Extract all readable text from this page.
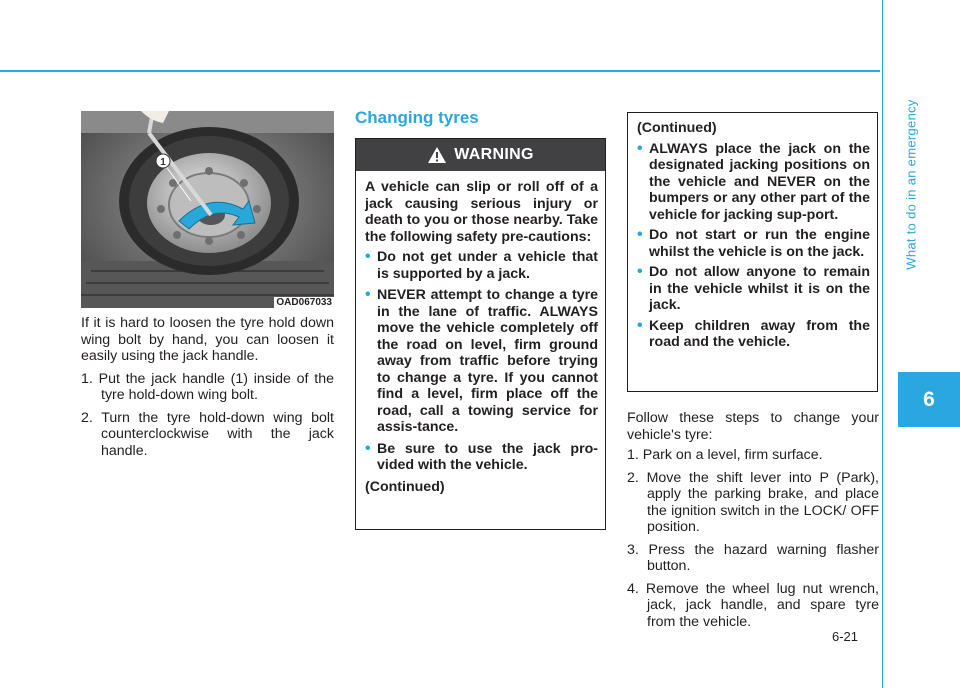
What to do in an emergency
6
1
OAD067033

If it is hard to loosen the tyre hold down wing bolt by hand, you can loosen it easily using the jack handle.

1. Put the jack handle (1) inside of the tyre hold-down wing bolt.
2. Turn the tyre hold-down wing bolt counterclockwise with the jack handle.
Changing tyres
WARNING

A vehicle can slip or roll off of a jack causing serious injury or death to you or those nearby. Take the following safety pre-cautions:

• Do not get under a vehicle that is supported by a jack.
• NEVER attempt to change a tyre in the lane of traffic. ALWAYS move the vehicle completely off the road on level, firm ground away from traffic before trying to change a tyre. If you cannot find a level, firm place off the road, call a towing service for assis-tance.
• Be sure to use the jack pro-vided with the vehicle.

(Continued)

(Continued)

• ALWAYS place the jack on the designated jacking positions on the vehicle and NEVER on the bumpers or any other part of the vehicle for jacking sup-port.
• Do not start or run the engine whilst the vehicle is on the jack.
• Do not allow anyone to remain in the vehicle whilst it is on the jack.
• Keep children away from the road and the vehicle.

Follow these steps to change your vehicle's tyre:

1. Park on a level, firm surface.
2. Move the shift lever into P (Park), apply the parking brake, and place the ignition switch in the LOCK/ OFF position.
3. Press the hazard warning flasher button.
4. Remove the wheel lug nut wrench, jack, jack handle, and spare tyre from the vehicle.
6-21
